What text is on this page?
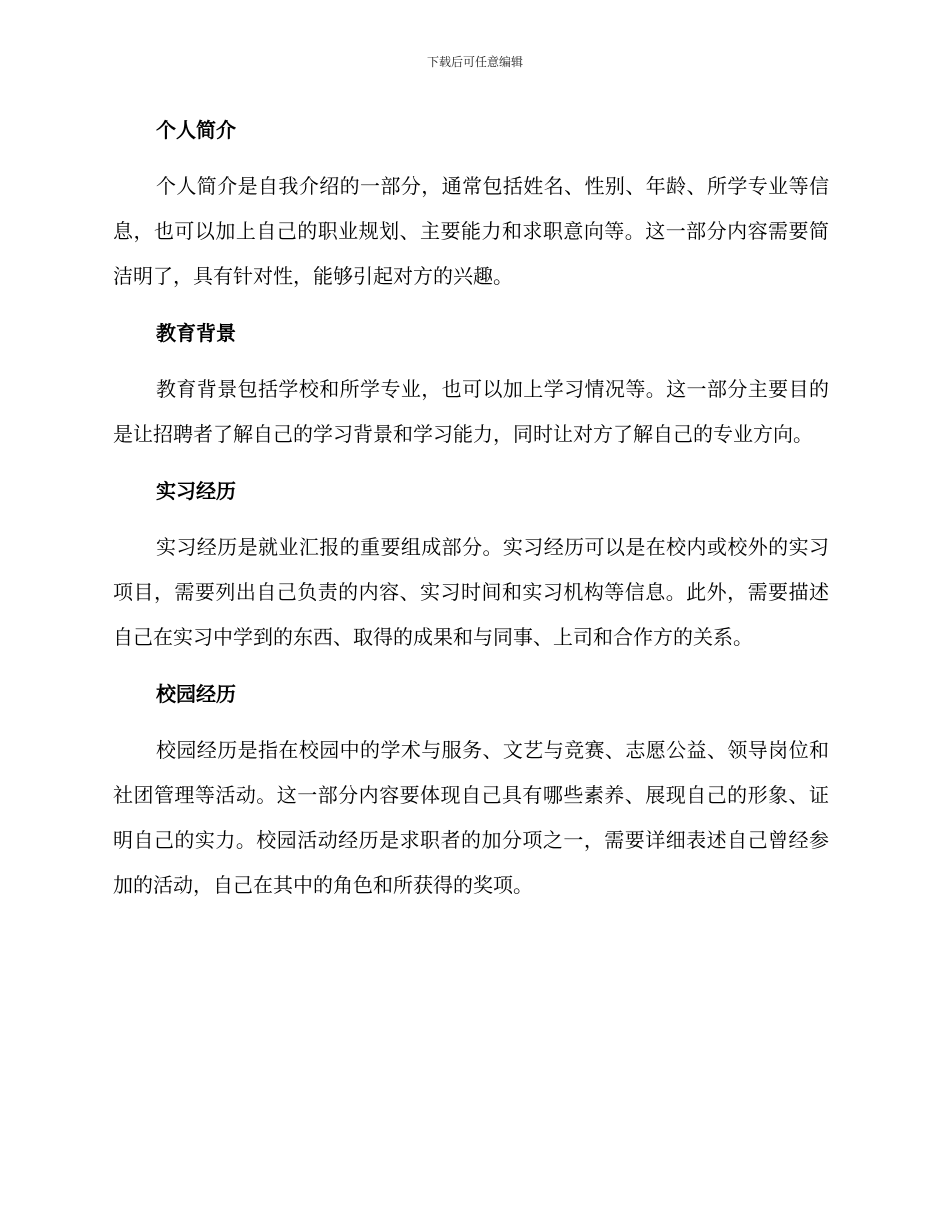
下载后可任意编辑
个人简介

个人简介是自我介绍的一部分，通常包括姓名、性别、年龄、所学专业等信息，也可以加上自己的职业规划、主要能力和求职意向等。这一部分内容需要简洁明了，具有针对性，能够引起对方的兴趣。

教育背景

教育背景包括学校和所学专业，也可以加上学习情况等。这一部分主要目的是让招聘者了解自己的学习背景和学习能力，同时让对方了解自己的专业方向。

实习经历

实习经历是就业汇报的重要组成部分。实习经历可以是在校内或校外的实习项目，需要列出自己负责的内容、实习时间和实习机构等信息。此外，需要描述自己在实习中学到的东西、取得的成果和与同事、上司和合作方的关系。

校园经历

校园经历是指在校园中的学术与服务、文艺与竞赛、志愿公益、领导岗位和社团管理等活动。这一部分内容要体现自己具有哪些素养、展现自己的形象、证明自己的实力。校园活动经历是求职者的加分项之一，需要详细表述自己曾经参加的活动，自己在其中的角色和所获得的奖项。
